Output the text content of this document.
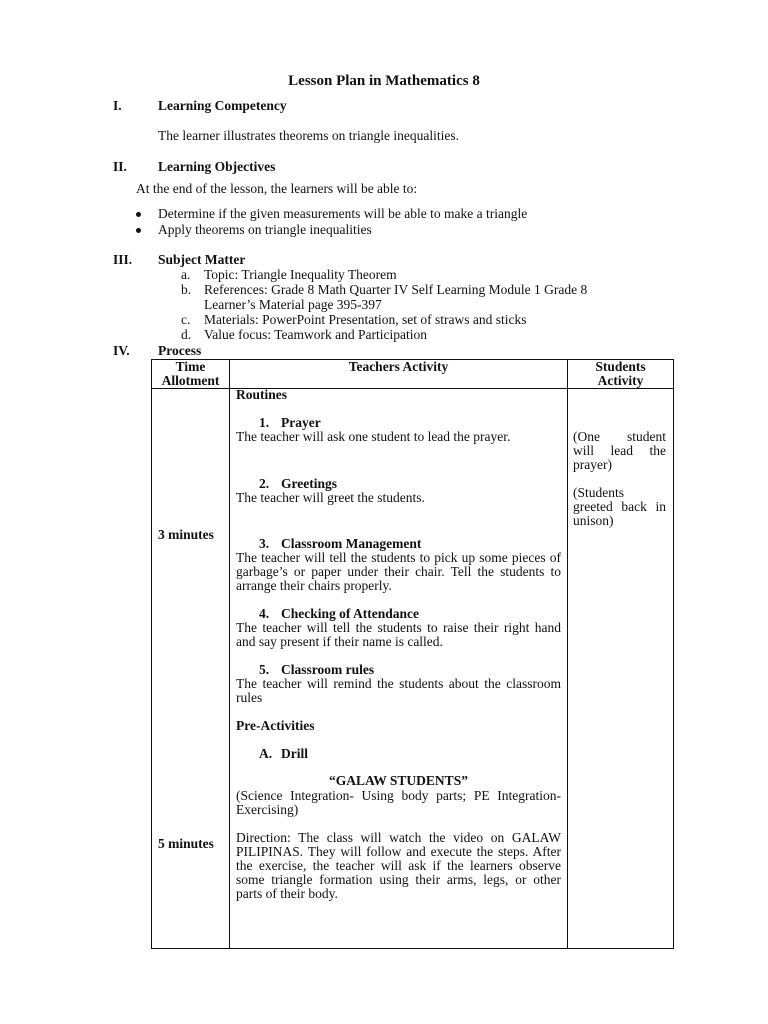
Lesson Plan in Mathematics 8
I.	Learning Competency
The learner illustrates theorems on triangle inequalities.
II. Learning Objectives
At the end of the lesson, the learners will be able to:
Determine if the given measurements will be able to make a triangle
Apply theorems on triangle inequalities
III. Subject Matter
a. Topic: Triangle Inequality Theorem
b. References: Grade 8 Math Quarter IV Self Learning Module 1 Grade 8
Learner’s Material page 395-397
c. Materials: PowerPoint Presentation, set of straws and sticks
d. Value focus: Teamwork and Participation
IV. Process
Time
Allotment
Teachers Activity	Students
Activity
3 minutes
5 minutes
Routines
1. Prayer
The teacher will ask one student to lead the prayer.
2. Greetings
The teacher will greet the students.
3. Classroom Management
The teacher will tell the students to pick up some pieces of garbage’s or paper under their chair. Tell the students to arrange their chairs properly.
4. Checking of Attendance
The teacher will tell the students to raise their right hand and say present if their name is called.
5. Classroom rules
The teacher will remind the students about the classroom rules
Pre-Activities
A. Drill
“GALAW STUDENTS”
(Science Integration- Using body parts; PE Integration-Exercising)
Direction: The class will watch the video on GALAW PILIPINAS. They will follow and execute the steps. After the exercise, the teacher will ask if the learners observe some triangle formation using their arms, legs, or other parts of their body.
(One student will lead the prayer)
(Students greeted back in unison)
